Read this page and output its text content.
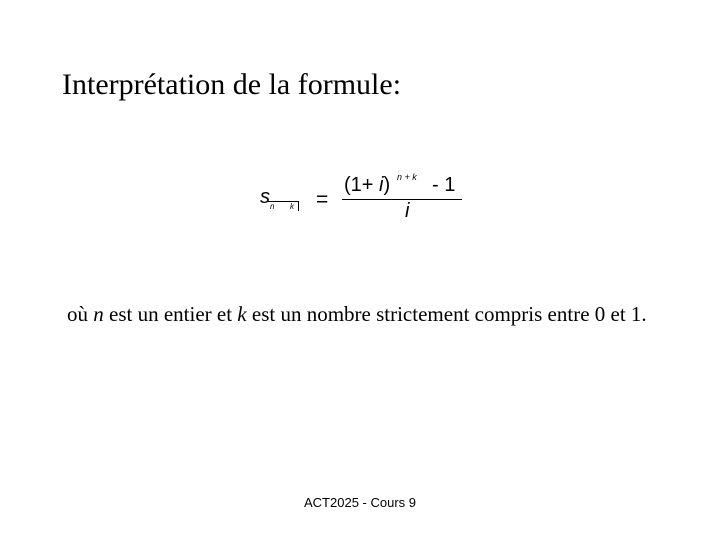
Interprétation de la formule:
s n k =
(1+ i) n + k - 1
i
où n est un entier et k est un nombre strictement compris entre 0 et 1.
ACT2025 - Cours 9
